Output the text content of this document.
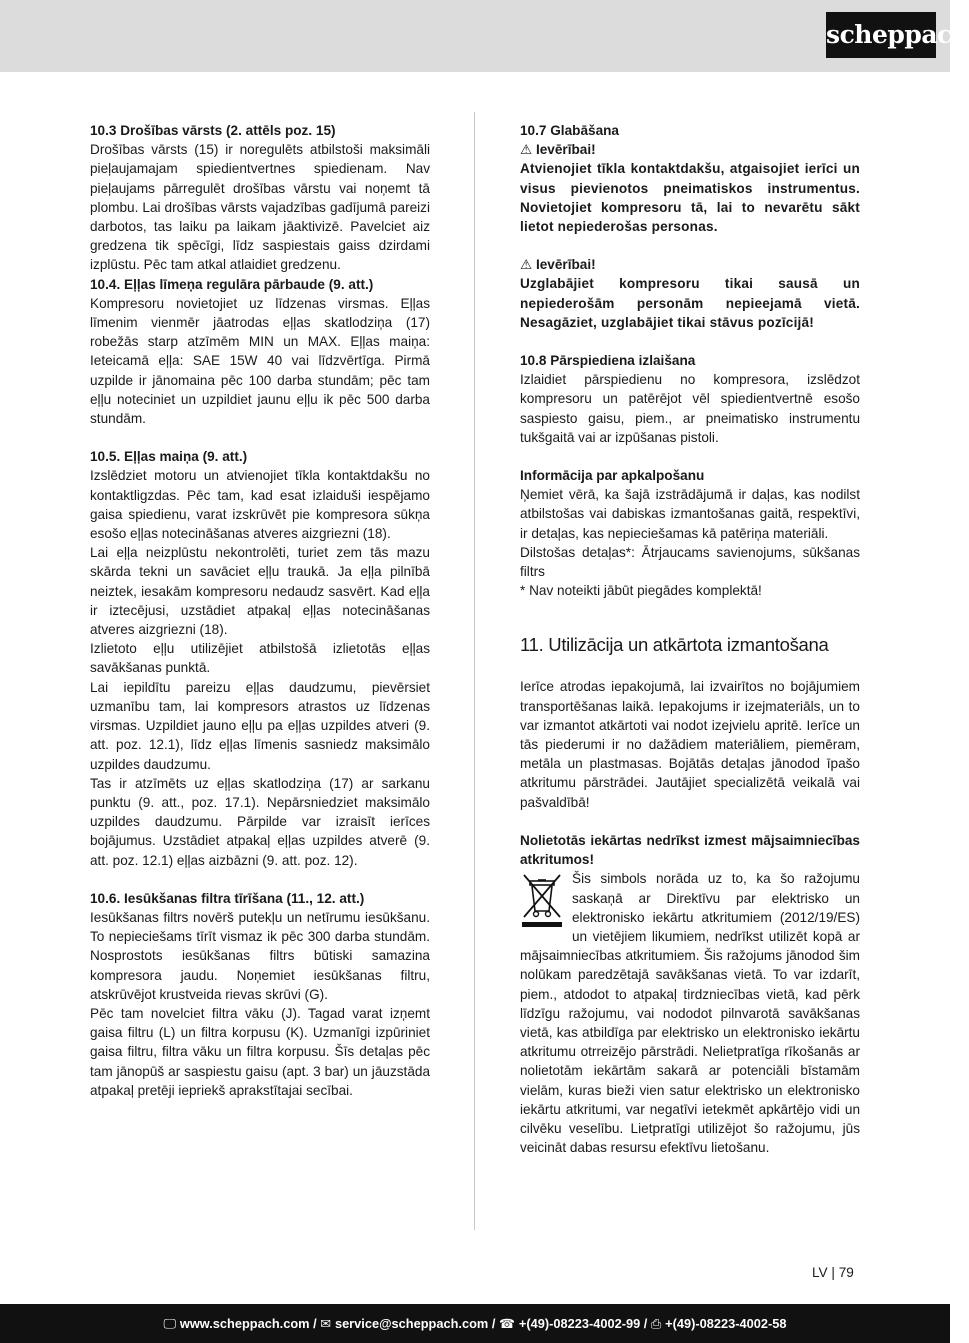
scheppach

10.3 Drošības vārsts (2. attēls poz. 15)

Drošības vārsts (15) ir noregulēts atbilstoši maksimāli pieļaujamajam spiedientvertnes spiedienam. Nav pieļaujams pārregulēt drošības vārstu vai noņemt tā plombu. Lai drošības vārsts vajadzības gadījumā pareizi darbotos, tas laiku pa laikam jāaktivizē. Pavelciet aiz gredzena tik spēcīgi, līdz saspiestais gaiss dzirdami izplūstu. Pēc tam atkal atlaidiet gredzenu.

10.4. Eļļas līmeņa regulāra pārbaude (9. att.)

Kompresoru novietojiet uz līdzenas virsmas. Eļļas līmenim vienmēr jāatrodas eļļas skatlodziņa (17) robežās starp atzīmēm MIN un MAX. Eļļas maiņa: Ieteicamā eļļa: SAE 15W 40 vai līdzvērtīga. Pirmā uzpilde ir jānomaina pēc 100 darba stundām; pēc tam eļļu noteciniet un uzpildiet jaunu eļļu ik pēc 500 darba stundām.

10.5. Eļļas maiņa (9. att.)

Izslēdziet motoru un atvienojiet tīkla kontaktdakšu no kontaktligzdas. Pēc tam, kad esat izlaiduši iespējamo gaisa spiedienu, varat izskrūvēt pie kompresora sūkņa esošo eļļas notecināšanas atveres aizgriezni (18).

Lai eļļa neizplūstu nekontrolēti, turiet zem tās mazu skārda tekni un savāciet eļļu traukā. Ja eļļa pilnībā neiztek, iesakām kompresoru nedaudz sasvērt. Kad eļļa ir iztecējusi, uzstādiet atpakaļ eļļas notecināšanas atveres aizgriezni (18).

Izlietoto eļļu utilizējiet atbilstošā izlietotās eļļas savākšanas punktā.

Lai iepildītu pareizu eļļas daudzumu, pievērsiet uzmanību tam, lai kompresors atrastos uz līdzenas virsmas. Uzpildiet jauno eļļu pa eļļas uzpildes atveri (9. att. poz. 12.1), līdz eļļas līmenis sasniedz maksimālo uzpildes daudzumu.

Tas ir atzīmēts uz eļļas skatlodziņa (17) ar sarkanu punktu (9. att., poz. 17.1). Nepārsniedziet maksimālo uzpildes daudzumu. Pārpilde var izraisīt ierīces bojājumus. Uzstādiet atpakaļ eļļas uzpildes atverē (9. att. poz. 12.1) eļļas aizbāzni (9. att. poz. 12).

10.6. Iesūkšanas filtra tīrīšana (11., 12. att.)

Iesūkšanas filtrs novērš putekļu un netīrumu iesūkšanu. To nepieciešams tīrīt vismaz ik pēc 300 darba stundām. Nosprostots iesūkšanas filtrs būtiski samazina kompresora jaudu. Noņemiet iesūkšanas filtru, atskrūvējot krustveida rievas skrūvi (G).

Pēc tam novelciet filtra vāku (J). Tagad varat izņemt gaisa filtru (L) un filtra korpusu (K). Uzmanīgi izpūriniet gaisa filtru, filtra vāku un filtra korpusu. Šīs detaļas pēc tam jānopūš ar saspiestu gaisu (apt. 3 bar) un jāuzstāda atpakaļ pretēji iepriekš aprakstītajai secībai.

10.7 Glabāšana

⚠ Ievērībai!

Atvienojiet tīkla kontaktdakšu, atgaisojiet ierīci un visus pievienotos pneimatiskos instrumentus. Novietojiet kompresoru tā, lai to nevarētu sākt lietot nepiederošas personas.

⚠ Ievērībai!

Uzglabājiet kompresoru tikai sausā un nepiederošām personām nepieejamā vietā. Nesagāziet, uzglabājiet tikai stāvus pozīcijā!

10.8 Pārspiediena izlaišana

Izlaidiet pārspiedienu no kompresora, izslēdzot kompresoru un patērējot vēl spiedientvertnē esošo saspiesto gaisu, piem., ar pneimatisko instrumentu tukšgaitā vai ar izpūšanas pistoli.

Informācija par apkalpošanu

Ņemiet vērā, ka šajā izstrādājumā ir daļas, kas nodilst atbilstošas vai dabiskas izmantošanas gaitā, respektīvi, ir detaļas, kas nepieciešamas kā patēriņa materiāli.

Dilstošas detaļas*: Ātrjaucams savienojums, sūkšanas filtrs

* Nav noteikti jābūt piegādes komplektā!

11. Utilizācija un atkārtota izmantošana

Ierīce atrodas iepakojumā, lai izvairītos no bojājumiem transportēšanas laikā. Iepakojums ir izejmateriāls, un to var izmantot atkārtoti vai nodot izejvielu apritē. Ierīce un tās piederumi ir no dažādiem materiāliem, piemēram, metāla un plastmasas. Bojātās detaļas jānodod īpašo atkritumu pārstrādei. Jautājiet specializētā veikalā vai pašvaldībā!

Nolietotās iekārtas nedrīkst izmest mājsaimniecības atkritumos!

Šis simbols norāda uz to, ka šo ražojumu saskaņā ar Direktīvu par elektrisko un elektronisko iekārtu atkritumiem (2012/19/ES) un vietējiem likumiem, nedrīkst utilizēt kopā ar mājsaimniecības atkritumiem. Šis ražojums jānodod šim nolūkam paredzētajā savākšanas vietā. To var izdarīt, piem., atdodot to atpakaļ tirdzniecības vietā, kad pērk līdzīgu ražojumu, vai nododot pilnvarotā savākšanas vietā, kas atbildīga par elektrisko un elektronisko iekārtu atkritumu otrreizējo pārstrādi. Nelietpratīga rīkošanās ar nolietotām iekārtām sakarā ar potenciāli bīstamām vielām, kuras bieži vien satur elektrisko un elektronisko iekārtu atkritumi, var negatīvi ietekmēt apkārtējo vidi un cilvēku veselību. Lietpratīgi utilizējot šo ražojumu, jūs veicināt dabas resursu efektīvu lietošanu.

LV | 79
🖵 www.scheppach.com / ✉ service@scheppach.com / ☎ +(49)-08223-4002-99 / ⎙ +(49)-08223-4002-58
